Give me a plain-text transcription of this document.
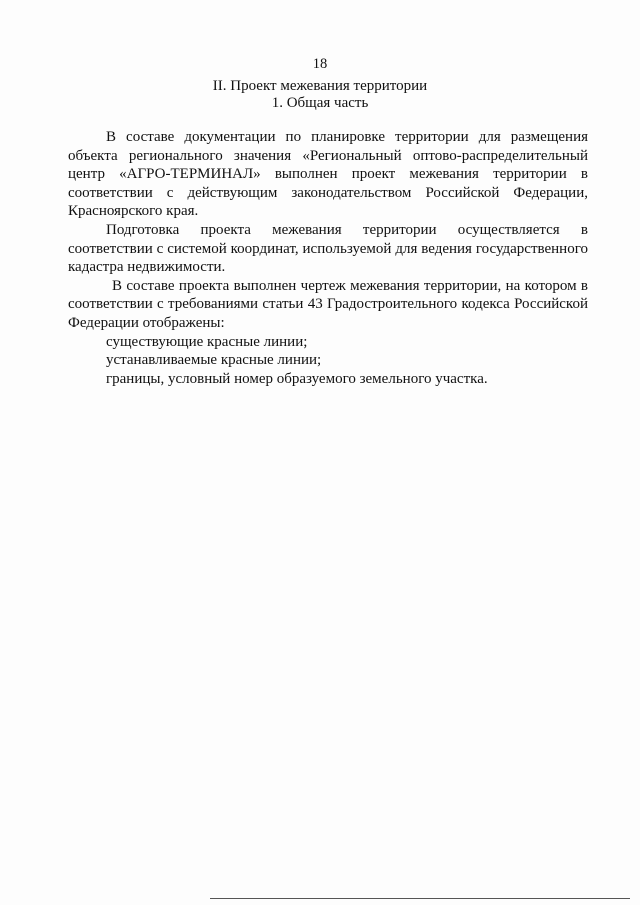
18
II. Проект межевания территории
1. Общая часть

В составе документации по планировке территории для размещения объекта регионального значения «Региональный оптово-распределительный центр «АГРО-ТЕРМИНАЛ» выполнен проект межевания территории в соответствии с действующим законодательством Российской Федерации, Красноярского края.

Подготовка проекта межевания территории осуществляется в соответствии с системой координат, используемой для ведения государственного кадастра недвижимости.

В составе проекта выполнен чертеж межевания территории, на котором в соответствии с требованиями статьи 43 Градостроительного кодекса Российской Федерации отображены:

существующие красные линии;

устанавливаемые красные линии;

границы, условный номер образуемого земельного участка.
